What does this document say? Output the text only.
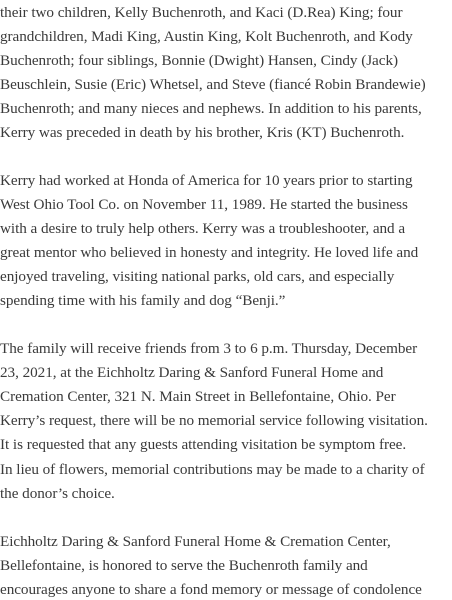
their two children, Kelly Buchenroth, and Kaci (D.Rea) King; four
grandchildren, Madi King, Austin King, Kolt Buchenroth, and Kody
Buchenroth; four siblings, Bonnie (Dwight) Hansen, Cindy (Jack)
Beuschlein, Susie (Eric) Whetsel, and Steve (fiancé Robin Brandewie)
Buchenroth; and many nieces and nephews. In addition to his parents,
Kerry was preceded in death by his brother, Kris (KT) Buchenroth.

Kerry had worked at Honda of America for 10 years prior to starting
West Ohio Tool Co. on November 11, 1989. He started the business
with a desire to truly help others. Kerry was a troubleshooter, and a
great mentor who believed in honesty and integrity. He loved life and
enjoyed traveling, visiting national parks, old cars, and especially
spending time with his family and dog “Benji.”

The family will receive friends from 3 to 6 p.m. Thursday, December
23, 2021, at the Eichholtz Daring & Sanford Funeral Home and
Cremation Center, 321 N. Main Street in Bellefontaine, Ohio. Per
Kerry’s request, there will be no memorial service following visitation.
It is requested that any guests attending visitation be symptom free.

In lieu of flowers, memorial contributions may be made to a charity of
the donor’s choice.

Eichholtz Daring & Sanford Funeral Home & Cremation Center,
Bellefontaine, is honored to serve the Buchenroth family and
encourages anyone to share a fond memory or message of condolence
